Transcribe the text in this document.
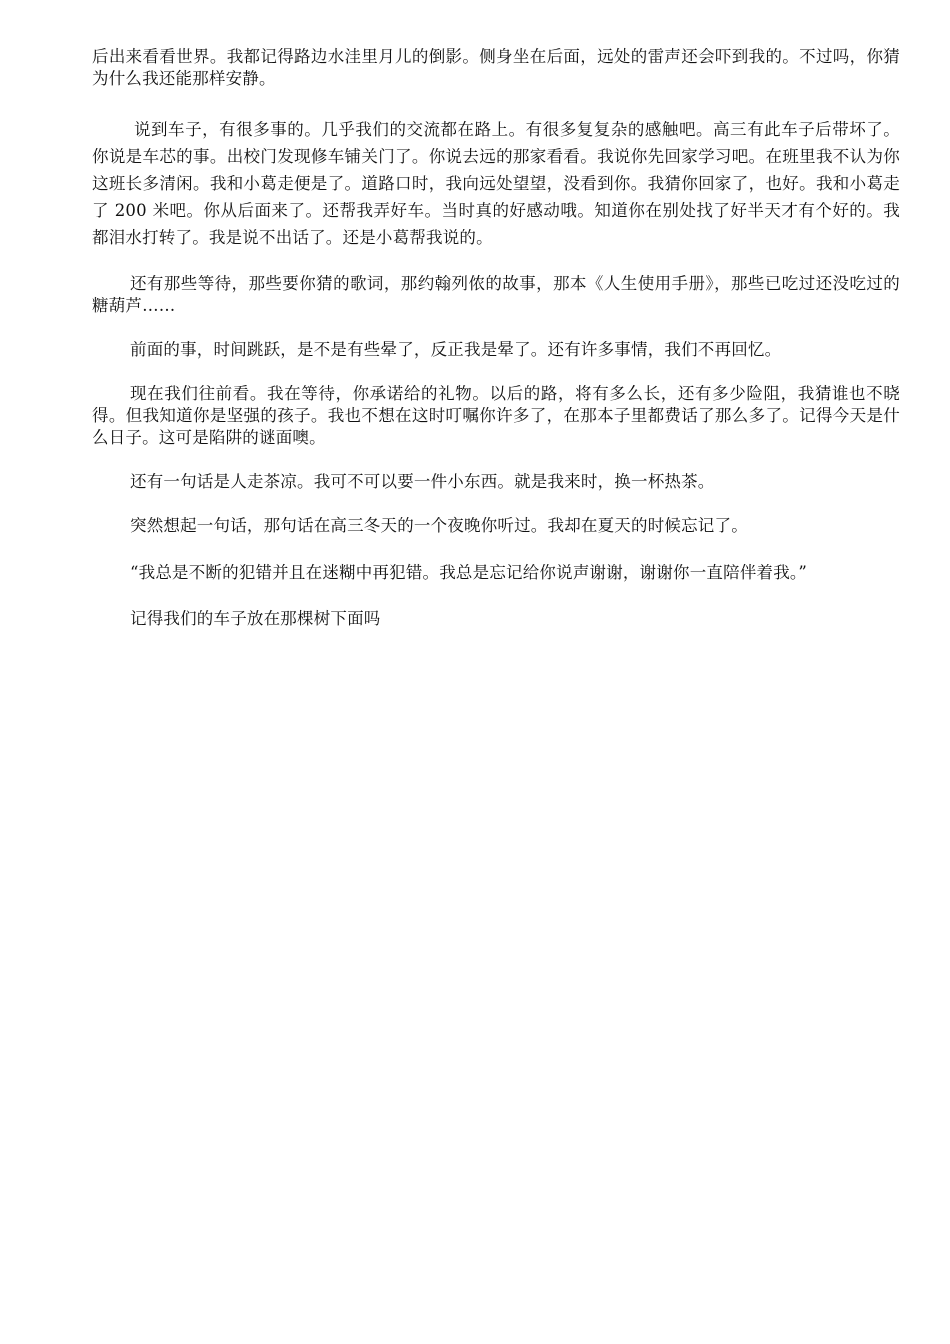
后出来看看世界。我都记得路边水洼里月儿的倒影。侧身坐在后面，远处的雷声还会吓到我的。不过吗，你猜为什么我还能那样安静。

说到车子，有很多事的。几乎我们的交流都在路上。有很多复复杂的感触吧。高三有此车子后带坏了。你说是车芯的事。出校门发现修车铺关门了。你说去远的那家看看。我说你先回家学习吧。在班里我不认为你这班长多清闲。我和小葛走便是了。道路口时，我向远处望望，没看到你。我猜你回家了，也好。我和小葛走了 200 米吧。你从后面来了。还帮我弄好车。当时真的好感动哦。知道你在别处找了好半天才有个好的。我都泪水打转了。我是说不出话了。还是小葛帮我说的。

还有那些等待，那些要你猜的歌词，那约翰列侬的故事，那本《人生使用手册》，那些已吃过还没吃过的糖葫芦……

前面的事，时间跳跃，是不是有些晕了，反正我是晕了。还有许多事情，我们不再回忆。

现在我们往前看。我在等待，你承诺给的礼物。以后的路，将有多么长，还有多少险阻，我猜谁也不晓得。但我知道你是坚强的孩子。我也不想在这时叮嘱你许多了，在那本子里都费话了那么多了。记得今天是什么日子。这可是陷阱的谜面噢。

还有一句话是人走茶凉。我可不可以要一件小东西。就是我来时，换一杯热茶。

突然想起一句话，那句话在高三冬天的一个夜晚你听过。我却在夏天的时候忘记了。

“我总是不断的犯错并且在迷糊中再犯错。我总是忘记给你说声谢谢，谢谢你一直陪伴着我。”

记得我们的车子放在那棵树下面吗
